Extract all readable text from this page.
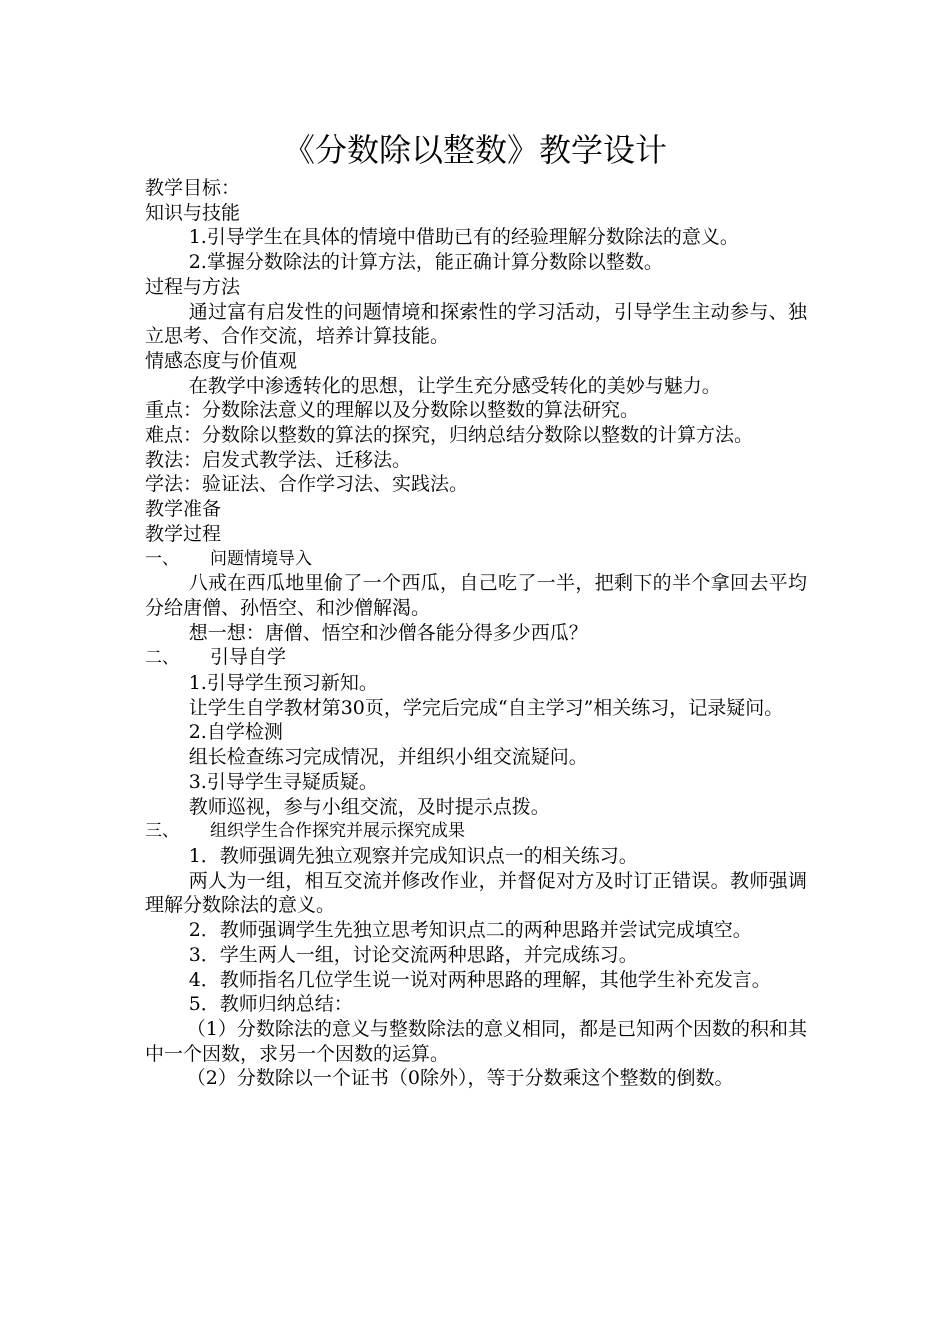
《分数除以整数》教学设计

教学目标：

知识与技能

1.引导学生在具体的情境中借助已有的经验理解分数除法的意义。

2.掌握分数除法的计算方法，能正确计算分数除以整数。

过程与方法

通过富有启发性的问题情境和探索性的学习活动，引导学生主动参与、独立思考、合作交流，培养计算技能。

情感态度与价值观

在教学中渗透转化的思想，让学生充分感受转化的美妙与魅力。

重点：分数除法意义的理解以及分数除以整数的算法研究。

难点：分数除以整数的算法的探究，归纳总结分数除以整数的计算方法。

教法：启发式教学法、迁移法。

学法：验证法、合作学习法、实践法。

教学准备

教学过程

一、 问题情境导入

八戒在西瓜地里偷了一个西瓜，自己吃了一半，把剩下的半个拿回去平均分给唐僧、孙悟空、和沙僧解渴。

想一想：唐僧、悟空和沙僧各能分得多少西瓜？

二、 引导自学

1.引导学生预习新知。

让学生自学教材第30页，学完后完成“自主学习”相关练习，记录疑问。

2.自学检测

组长检查练习完成情况，并组织小组交流疑问。

3.引导学生寻疑质疑。

教师巡视，参与小组交流，及时提示点拨。

三、 组织学生合作探究并展示探究成果

1．教师强调先独立观察并完成知识点一的相关练习。

两人为一组，相互交流并修改作业，并督促对方及时订正错误。教师强调理解分数除法的意义。

2．教师强调学生先独立思考知识点二的两种思路并尝试完成填空。

3．学生两人一组，讨论交流两种思路，并完成练习。

4．教师指名几位学生说一说对两种思路的理解，其他学生补充发言。

5．教师归纳总结：

（1）分数除法的意义与整数除法的意义相同，都是已知两个因数的积和其中一个因数，求另一个因数的运算。

（2）分数除以一个证书（0除外），等于分数乘这个整数的倒数。
